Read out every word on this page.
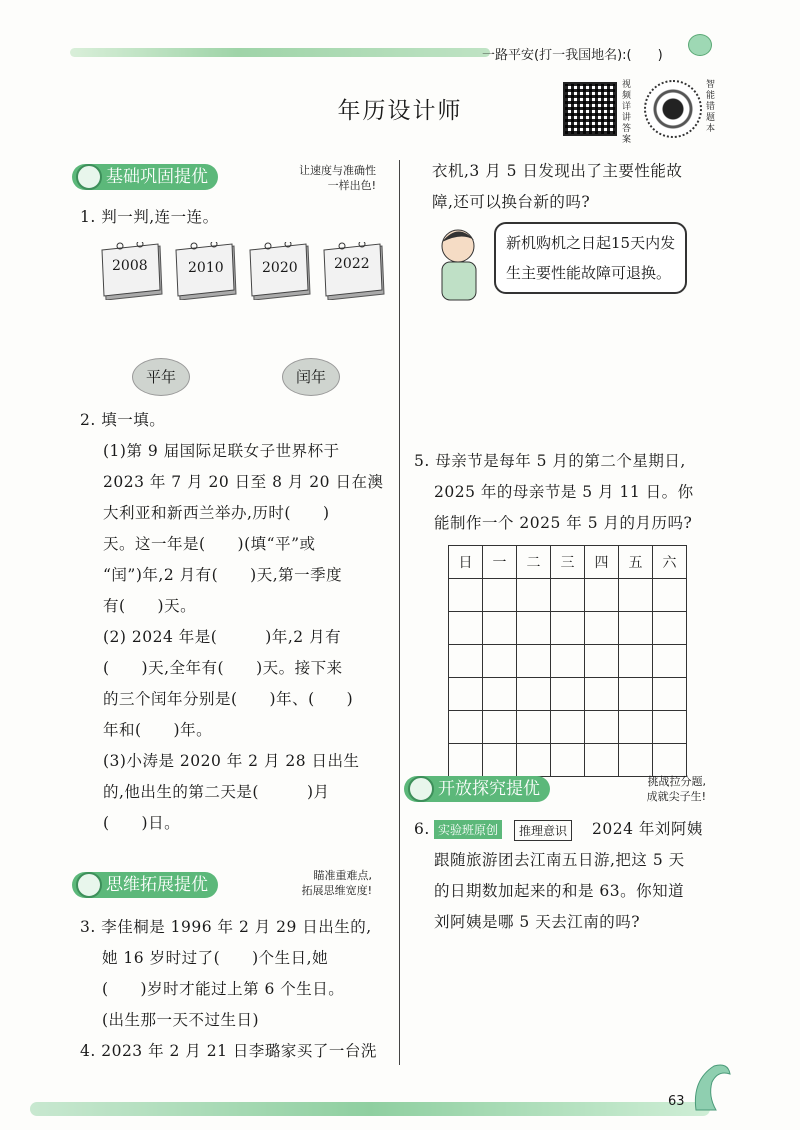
一路平安(打一我国地名):(　　)
年历设计师
视频详讲答案
智能错题本
基础巩固提优	让速度与准确性
一样出色!
1. 判一判,连一连。
2008	2010	2020	2022
平年	闰年
2. 填一填。
(1)第 9 届国际足联女子世界杯于
2023 年 7 月 20 日至 8 月 20 日在澳
大利亚和新西兰举办,历时(　　)
天。这一年是(　　)(填“平”或
“闰”)年,2 月有(　　)天,第一季度
有(　　)天。
(2) 2024 年是(　　　)年,2 月有
(　　)天,全年有(　　)天。接下来
的三个闰年分别是(　　)年、(　　)
年和(　　)年。
(3)小涛是 2020 年 2 月 28 日出生
的,他出生的第二天是(　　　)月
(　　)日。
思维拓展提优	瞄准重难点,
拓展思维宽度!
3. 李佳桐是 1996 年 2 月 29 日出生的,
她 16 岁时过了(　　)个生日,她
(　　)岁时才能过上第 6 个生日。
(出生那一天不过生日)
4. 2023 年 2 月 21 日李璐家买了一台洗
衣机,3 月 5 日发现出了主要性能故
障,还可以换台新的吗?
新机购机之日起15天内发
生主要性能故障可退换。
5. 母亲节是每年 5 月的第二个星期日,
2025 年的母亲节是 5 月 11 日。你
能制作一个 2025 年 5 月的月历吗?
日	一	二	三	四	五	六

开放探究提优	挑战拉分题,
成就尖子生!
6. 实验班原创	推理意识	2024 年刘阿姨
跟随旅游团去江南五日游,把这 5 天
的日期数加起来的和是 63。你知道
刘阿姨是哪 5 天去江南的吗?
63
